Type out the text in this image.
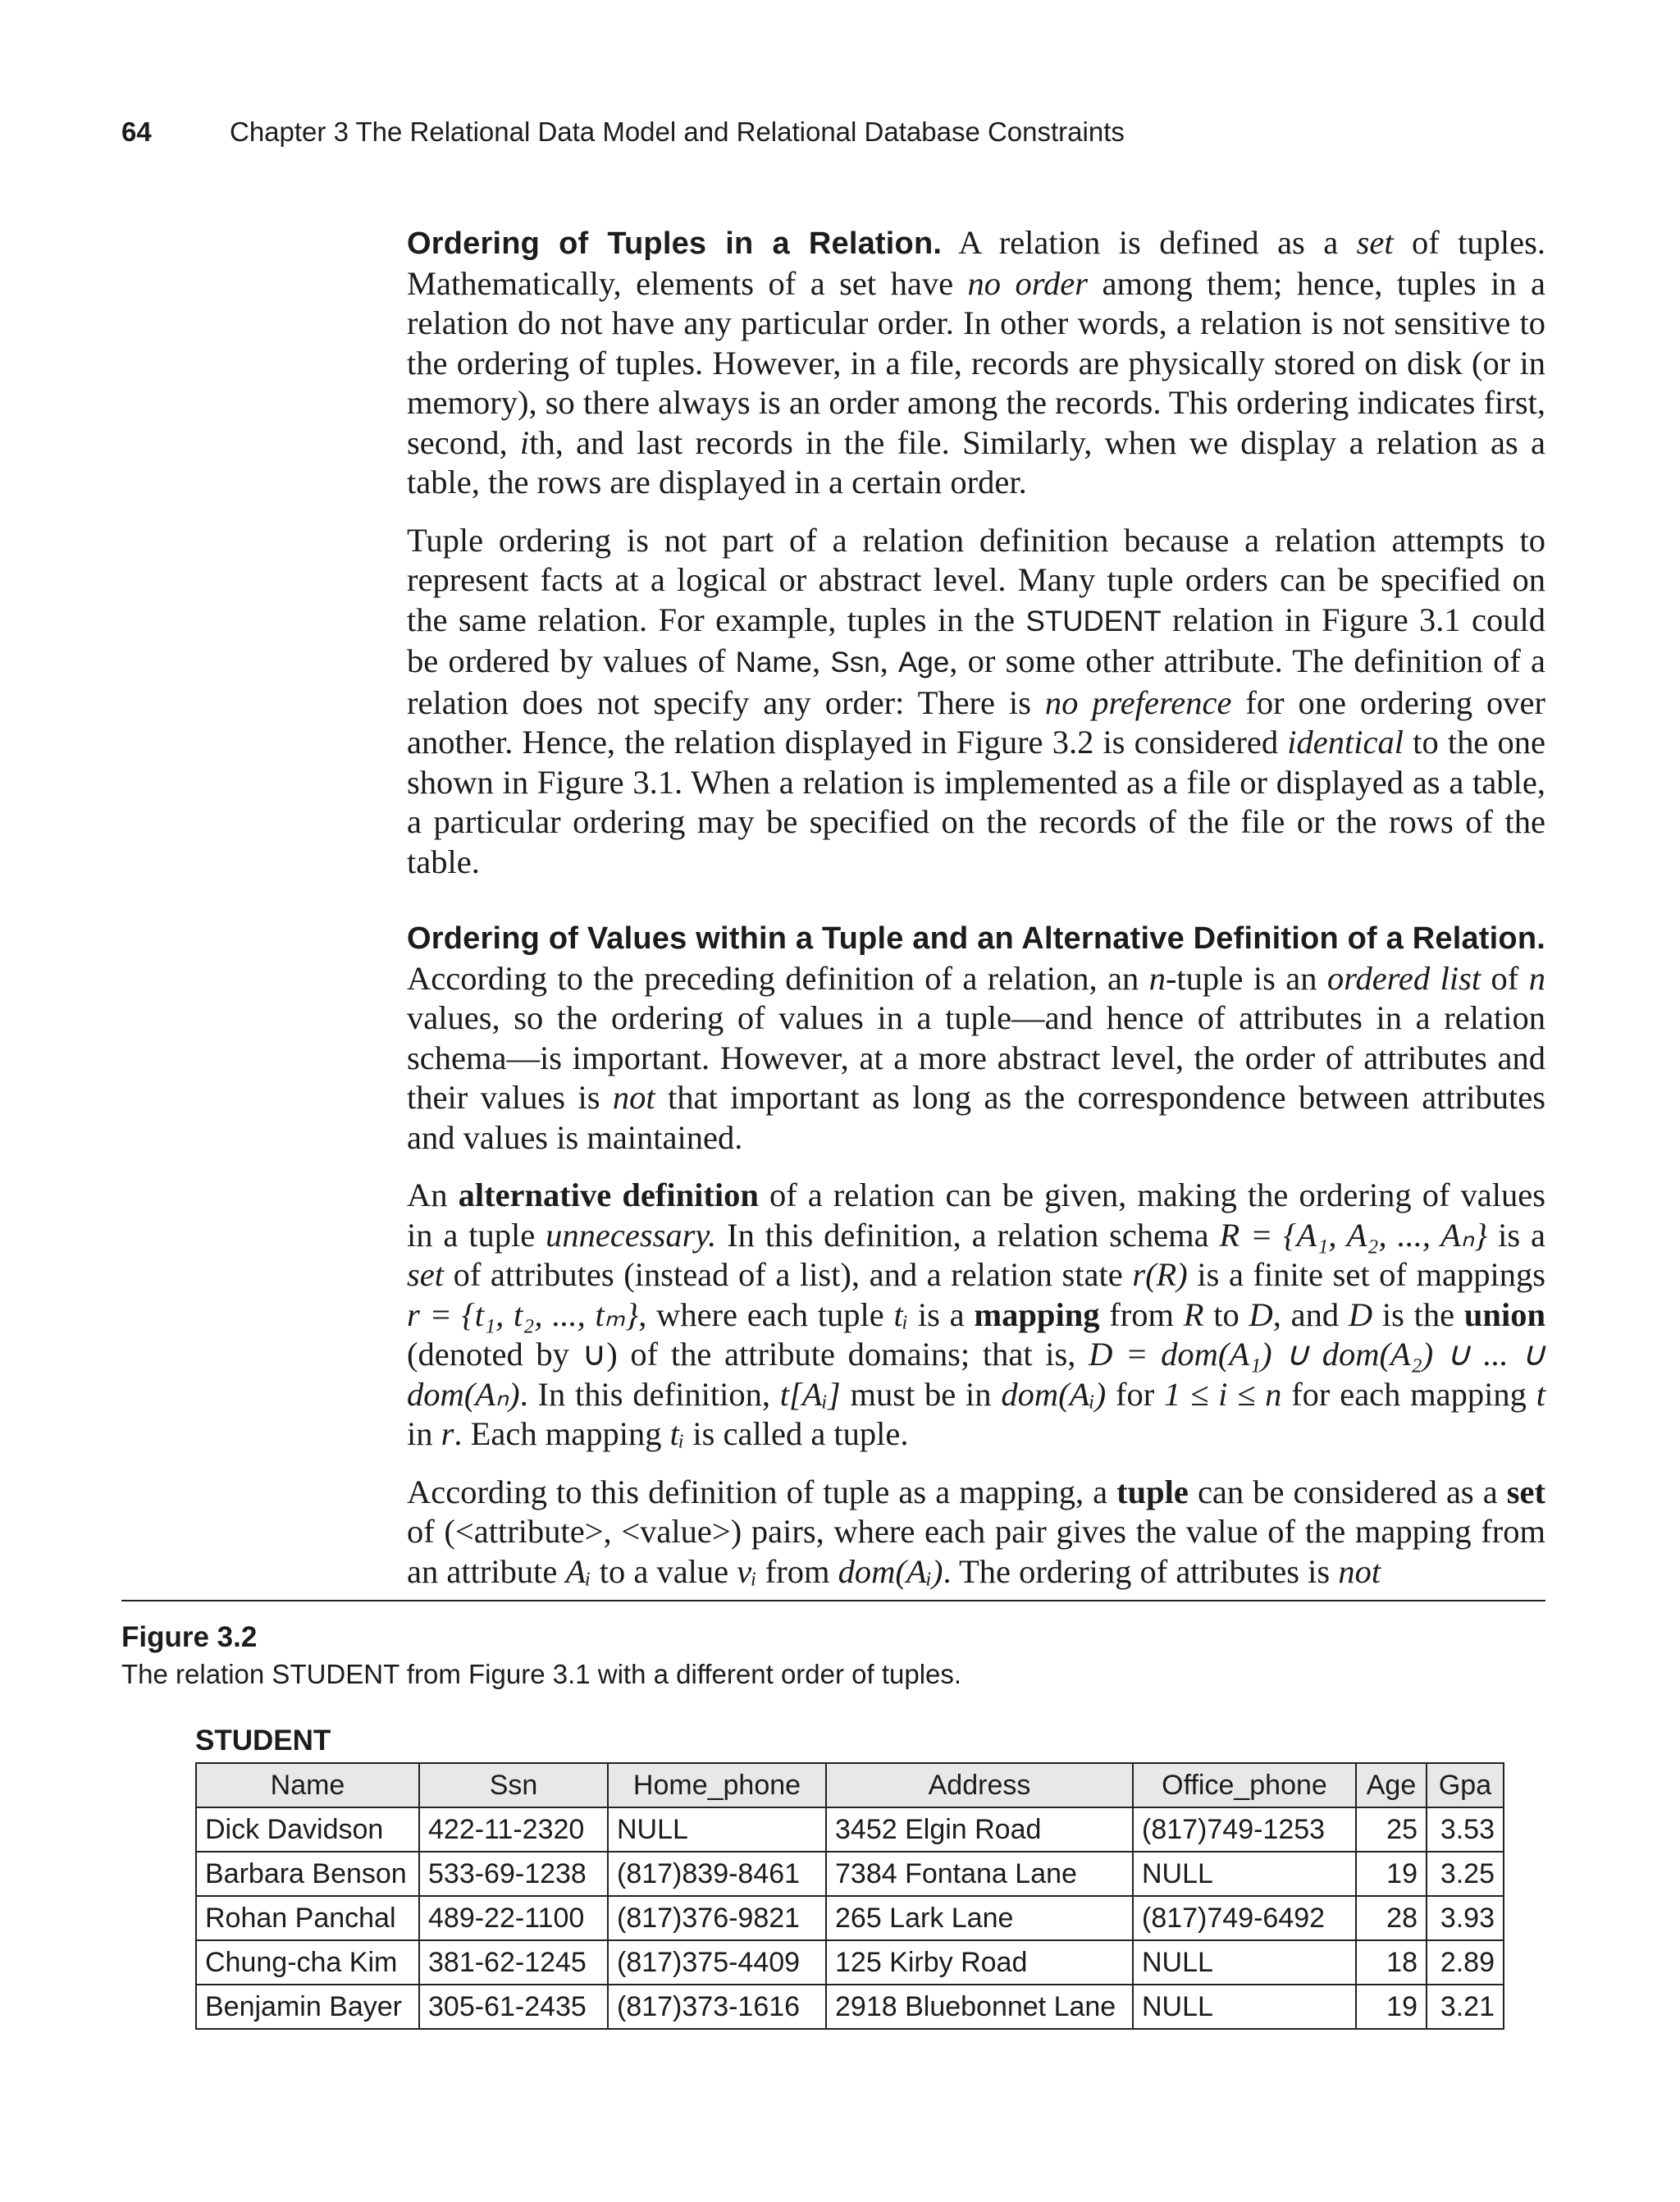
64	Chapter 3 The Relational Data Model and Relational Database Constraints

Ordering of Tuples in a Relation. A relation is defined as a set of tuples. Mathematically, elements of a set have no order among them; hence, tuples in a relation do not have any particular order. In other words, a relation is not sensitive to the ordering of tuples. However, in a file, records are physically stored on disk (or in memory), so there always is an order among the records. This ordering indicates first, second, ith, and last records in the file. Similarly, when we display a relation as a table, the rows are displayed in a certain order.

Tuple ordering is not part of a relation definition because a relation attempts to represent facts at a logical or abstract level. Many tuple orders can be specified on the same relation. For example, tuples in the STUDENT relation in Figure 3.1 could be ordered by values of Name, Ssn, Age, or some other attribute. The definition of a relation does not specify any order: There is no preference for one ordering over another. Hence, the relation displayed in Figure 3.2 is considered identical to the one shown in Figure 3.1. When a relation is implemented as a file or displayed as a table, a particular ordering may be specified on the records of the file or the rows of the table.

Ordering of Values within a Tuple and an Alternative Definition of a Relation. According to the preceding definition of a relation, an n-tuple is an ordered list of n values, so the ordering of values in a tuple—and hence of attributes in a relation schema—is important. However, at a more abstract level, the order of attributes and their values is not that important as long as the correspondence between attributes and values is maintained.

An alternative definition of a relation can be given, making the ordering of values in a tuple unnecessary. In this definition, a relation schema R = {A₁, A₂, ..., Aₙ} is a set of attributes (instead of a list), and a relation state r(R) is a finite set of mappings r = {t₁, t₂, ..., tₘ}, where each tuple tᵢ is a mapping from R to D, and D is the union (denoted by ∪) of the attribute domains; that is, D = dom(A₁) ∪ dom(A₂) ∪ ... ∪ dom(Aₙ). In this definition, t[Aᵢ] must be in dom(Aᵢ) for 1 ≤ i ≤ n for each mapping t in r. Each mapping tᵢ is called a tuple.

According to this definition of tuple as a mapping, a tuple can be considered as a set of (<attribute>, <value>) pairs, where each pair gives the value of the mapping from an attribute Aᵢ to a value vᵢ from dom(Aᵢ). The ordering of attributes is not

Figure 3.2
The relation STUDENT from Figure 3.1 with a different order of tuples.
STUDENT
Name	Ssn	Home_phone	Address	Office_phone	Age	Gpa
Dick Davidson	422-11-2320	NULL	3452 Elgin Road	(817)749-1253	25	3.53
Barbara Benson	533-69-1238	(817)839-8461	7384 Fontana Lane	NULL	19	3.25
Rohan Panchal	489-22-1100	(817)376-9821	265 Lark Lane	(817)749-6492	28	3.93
Chung-cha Kim	381-62-1245	(817)375-4409	125 Kirby Road	NULL	18	2.89
Benjamin Bayer	305-61-2435	(817)373-1616	2918 Bluebonnet Lane	NULL	19	3.21
